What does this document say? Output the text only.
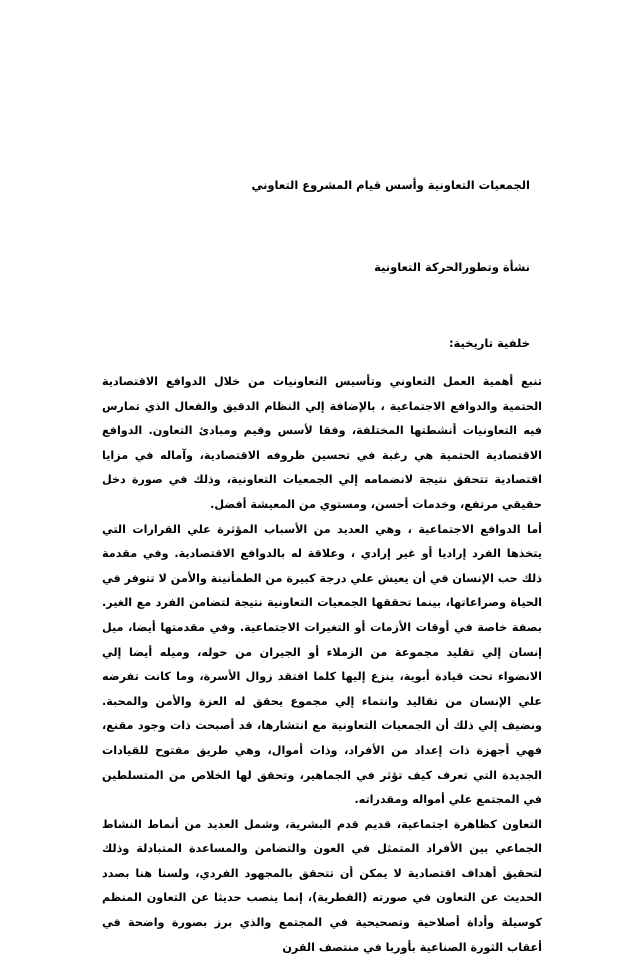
الجمعيات التعاونية وأسس قيام المشروع التعاوني
نشأة وتطورالحركة التعاونية
خلفية تاريخية:

تنبع أهمية العمل التعاوني وتأسيس التعاونيات من خلال الدوافع الاقتصادية الحتمية والدوافع الاجتماعية ، بالإضافة إلي النظام الدقيق والفعال الذي تمارس فيه التعاونيات أنشطتها المختلفة، وفقا لأسس وقيم ومبادئ التعاون. الدوافع الاقتصادية الحتمية هي رغبة في تحسين ظروفه الاقتصادية، وآماله في مزايا اقتصادية تتحقق نتيجة لانضمامه إلي الجمعيات التعاونية، وذلك في صورة دخل حقيقي مرتفع، وخدمات أحسن، ومستوي من المعيشة أفضل.

أما الدوافع الاجتماعية ، وهي العديد من الأسباب المؤثرة علي القرارات التي يتخذها الفرد إراديا أو غير إرادي ، وعلاقة له بالدوافع الاقتصادية. وفي مقدمة ذلك حب الإنسان في أن يعيش علي درجة كبيرة من الطمأنينة والأمن لا تتوفر في الحياة وصراعاتها، بينما تحققها الجمعيات التعاونية نتيجة لتضامن الفرد مع الغير. بصفة خاصة في أوقات الأزمات أو التغيرات الاجتماعية. وفي مقدمتها أيضا، ميل إنسان إلي تقليد مجموعة من الزملاء أو الجيران من حوله، وميله أيضا إلي الانضواء تحت قيادة أبوية، ينزع إليها كلما افتقد زوال الأسرة، وما كانت تفرضه علي الإنسان من تقاليد وانتماء إلي مجموع يحقق له العزة والأمن والمحبة. ونضيف إلي ذلك أن الجمعيات التعاونية مع انتشارها، قد أصبحت ذات وجود مقنع، فهي أجهزة ذات إعداد من الأفراد، وذات أموال، وهي طريق مفتوح للقيادات الجديدة التي تعرف كيف تؤثر في الجماهير، وتحقق لها الخلاص من المتسلطين في المجتمع علي أمواله ومقدراته.

التعاون كظاهرة اجتماعية، قديم قدم البشرية، وشمل العديد من أنماط النشاط الجماعي بين الأفراد المتمثل في العون والتضامن والمساعدة المتبادلة وذلك لتحقيق أهداف اقتصادية لا يمكن أن تتحقق بالمجهود الفردي، ولسنا هنا بصدد الحديث عن التعاون في صورته (الفطرية)، إنما ينصب حديثا عن التعاون المنظم كوسيلة وأداة أصلاحية وتصحيحية في المجتمع والذي برز بصورة واضحة في أعقاب الثورة الصناعية بأوربا في منتصف القرن
